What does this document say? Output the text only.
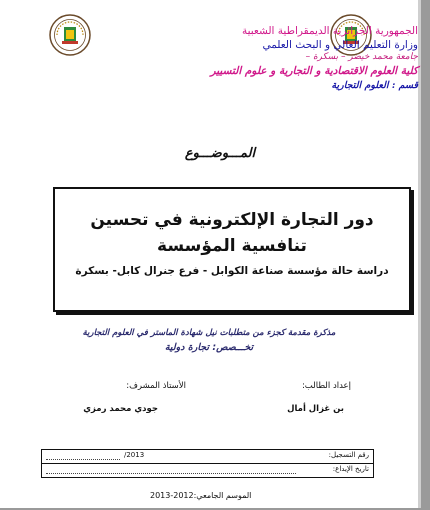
الجمهورية الجزائرية الديمقراطية الشعبية
وزارة التعليم العالي و البحث العلمي
جامعة محمد خيضر – بسكرة –
كلية العلوم الاقتصادية و التجارية و علوم التسيير
قسم : العلوم التجارية
المـــوضـــوع
دور التجارة الإلكترونية في تحسين
تنافسية المؤسسة
دراسة حالة مؤسسة صناعة الكوابل - فرع جنرال كابل- بسكرة
مذكرة مقدمة كجزء من متطلبات نيل شهادة الماستر في العلوم التجارية
تخـــصص: تجارة دولية
إعداد الطالب:
الأستاذ المشرف:
بن غزال أمال
جودي محمد رمزي
رقم التسجيل:
/2013
تاريخ الإيداع:
الموسم الجامعي:2012-2013
